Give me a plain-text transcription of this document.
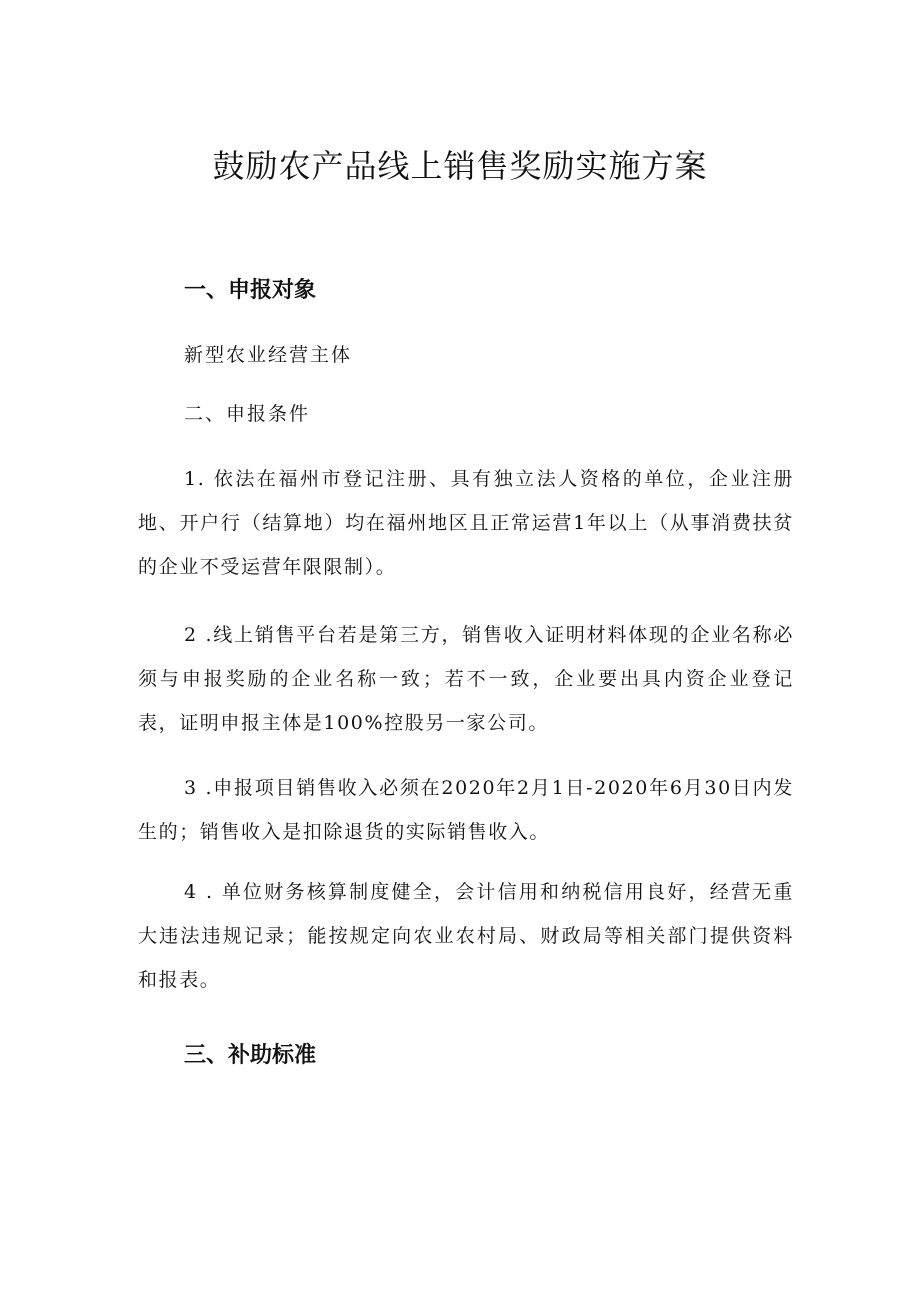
鼓励农产品线上销售奖励实施方案
一、申报对象

新型农业经营主体

二、申报条件

1. 依法在福州市登记注册、具有独立法人资格的单位，企业注册地、开户行（结算地）均在福州地区且正常运营1年以上（从事消费扶贫的企业不受运营年限限制）。

2 .线上销售平台若是第三方，销售收入证明材料体现的企业名称必须与申报奖励的企业名称一致；若不一致，企业要出具内资企业登记表，证明申报主体是100%控股另一家公司。

3 .申报项目销售收入必须在2020年2月1日-2020年6月30日内发生的；销售收入是扣除退货的实际销售收入。

4 . 单位财务核算制度健全，会计信用和纳税信用良好，经营无重大违法违规记录；能按规定向农业农村局、财政局等相关部门提供资料和报表。

三、补助标准
